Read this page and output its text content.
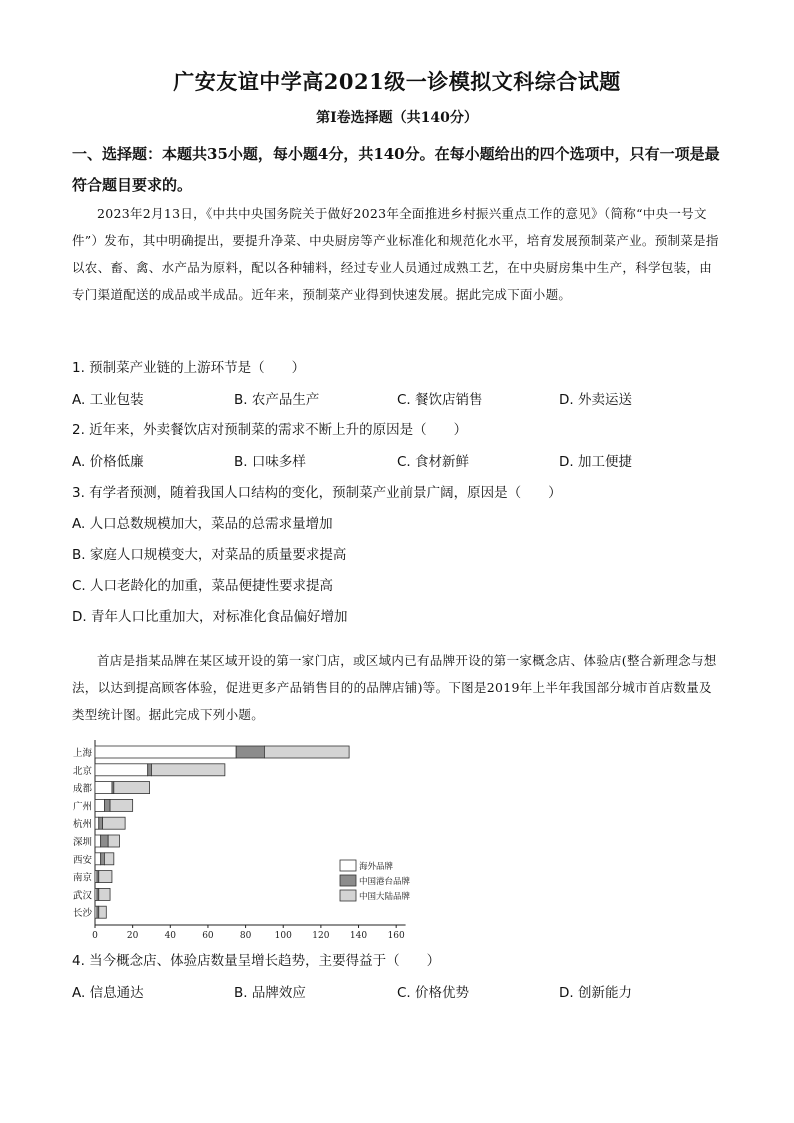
广安友谊中学高2021级一诊模拟文科综合试题
第Ⅰ卷选择题（共140分）
一、选择题：本题共35小题，每小题4分，共140分。在每小题给出的四个选项中，只有一项是最符合题目要求的。
2023年2月13日，《中共中央国务院关于做好2023年全面推进乡村振兴重点工作的意见》（简称“中央一号文件”）发布，其中明确提出，要提升净菜、中央厨房等产业标准化和规范化水平，培育发展预制菜产业。预制菜是指以农、畜、禽、水产品为原料，配以各种辅料，经过专业人员通过成熟工艺，在中央厨房集中生产，科学包装，由专门渠道配送的成品或半成品。近年来，预制菜产业得到快速发展。据此完成下面小题。
1. 预制菜产业链的上游环节是（　　）
A. 工业包装	B. 农产品生产	C. 餐饮店销售	D. 外卖运送
2. 近年来，外卖餐饮店对预制菜的需求不断上升的原因是（　　）
A. 价格低廉	B. 口味多样	C. 食材新鲜	D. 加工便捷
3. 有学者预测，随着我国人口结构的变化，预制菜产业前景广阔，原因是（　　）
A. 人口总数规模加大，菜品的总需求量增加
B. 家庭人口规模变大，对菜品的质量要求提高
C. 人口老龄化的加重，菜品便捷性要求提高
D. 青年人口比重加大，对标准化食品偏好增加
首店是指某品牌在某区域开设的第一家门店，或区域内已有品牌开设的第一家概念店、体验店(整合新理念与想法，以达到提高顾客体验，促进更多产品销售目的的品牌店铺)等。下图是2019年上半年我国部分城市首店数量及类型统计图。据此完成下列小题。
0	20	40	60	80	100 120 140 160
上海
北京
成都
广州
杭州
深圳
西安
南京
武汉
长沙
海外品牌
中国港台品牌
中国大陆品牌
4. 当今概念店、体验店数量呈增长趋势，主要得益于（　　）
A. 信息通达	B. 品牌效应	C. 价格优势	D. 创新能力
